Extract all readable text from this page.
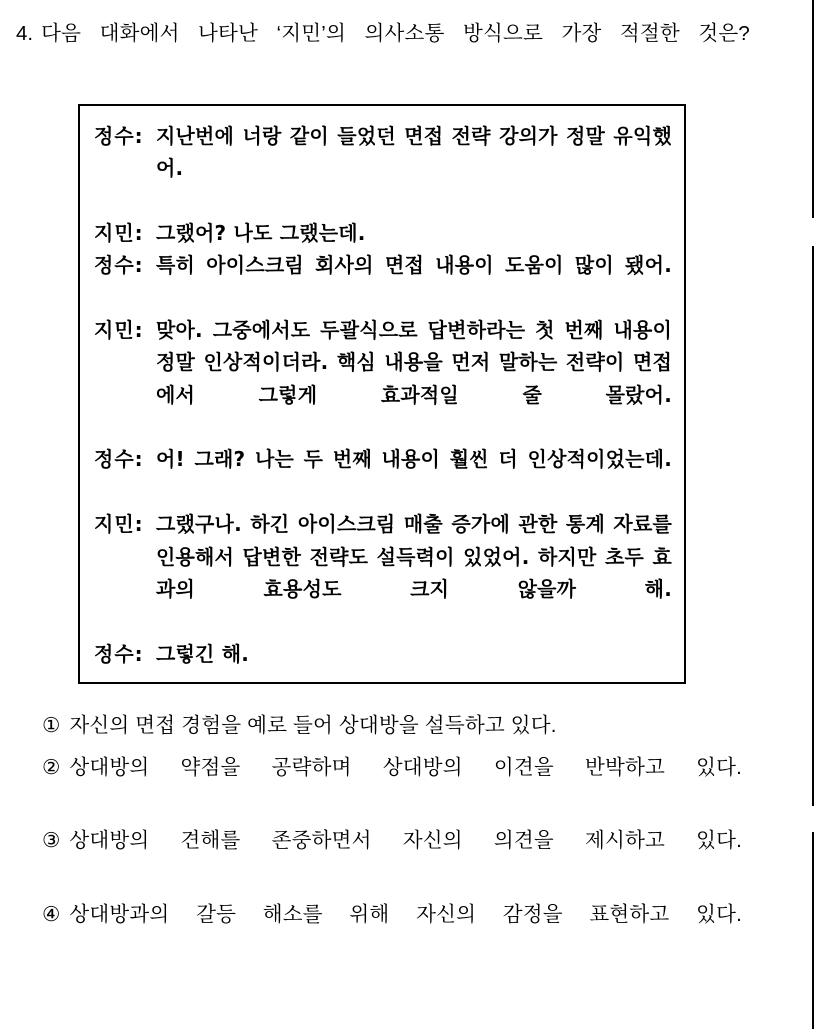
4. 다음 대화에서 나타난 ‘지민’의 의사소통 방식으로 가장 적절한 것은?
정수: 지난번에 너랑 같이 들었던 면접 전략 강의가 정말 유익했어.
지민: 그랬어? 나도 그랬는데.
정수: 특히 아이스크림 회사의 면접 내용이 도움이 많이 됐어.
지민: 맞아. 그중에서도 두괄식으로 답변하라는 첫 번째 내용이 정말 인상적이더라. 핵심 내용을 먼저 말하는 전략이 면접에서 그렇게 효과적일 줄 몰랐어.
정수: 어! 그래? 나는 두 번째 내용이 훨씬 더 인상적이었는데.
지민: 그랬구나. 하긴 아이스크림 매출 증가에 관한 통계 자료를 인용해서 답변한 전략도 설득력이 있었어. 하지만 초두 효과의 효용성도 크지 않을까 해.
정수: 그렇긴 해.
① 자신의 면접 경험을 예로 들어 상대방을 설득하고 있다.
② 상대방의 약점을 공략하며 상대방의 이견을 반박하고 있다.
③ 상대방의 견해를 존중하면서 자신의 의견을 제시하고 있다.
④ 상대방과의 갈등 해소를 위해 자신의 감정을 표현하고 있다.
